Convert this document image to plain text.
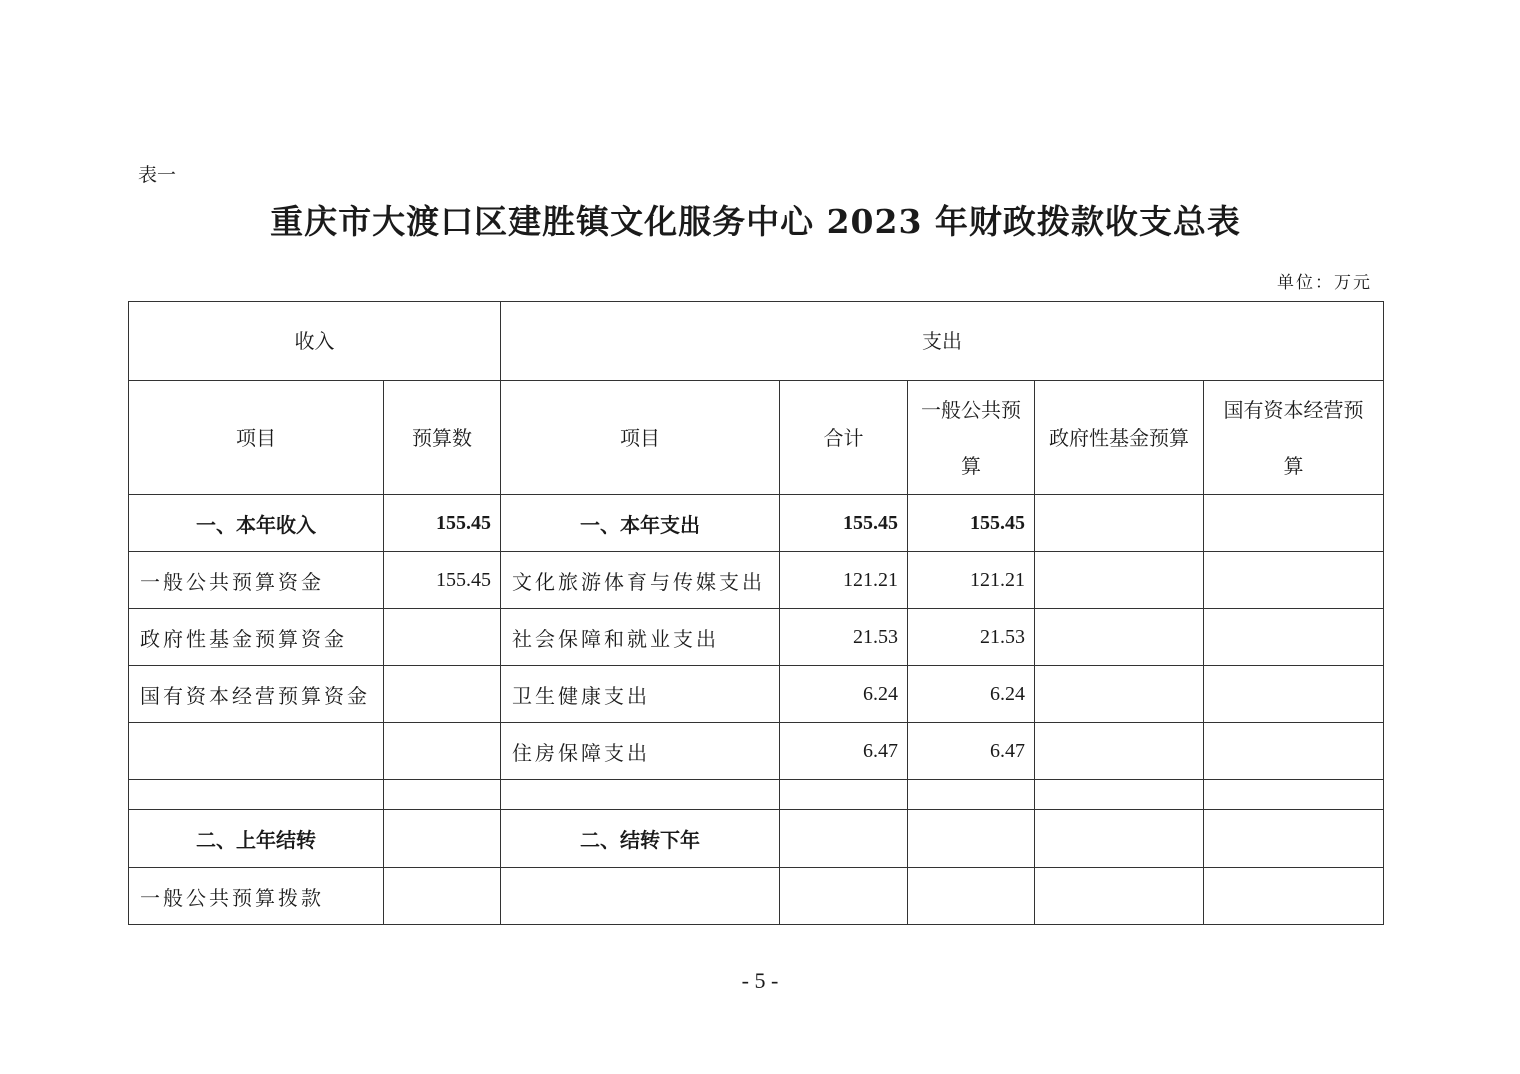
表一
重庆市大渡口区建胜镇文化服务中心 2023 年财政拨款收支总表
单位：万元
收入		支出				
项目	预算数	项目	合计	一般公共预算	政府性基金预算	国有资本经营预算
一、本年收入	155.45	一、本年支出	155.45	155.45		
一般公共预算资金	155.45	文化旅游体育与传媒支出	121.21	121.21		
政府性基金预算资金		社会保障和就业支出	21.53	21.53		
国有资本经营预算资金		卫生健康支出	6.24	6.24		
		住房保障支出	6.47	6.47		

二、上年结转		二、结转下年				
一般公共预算拨款						
- 5 -
